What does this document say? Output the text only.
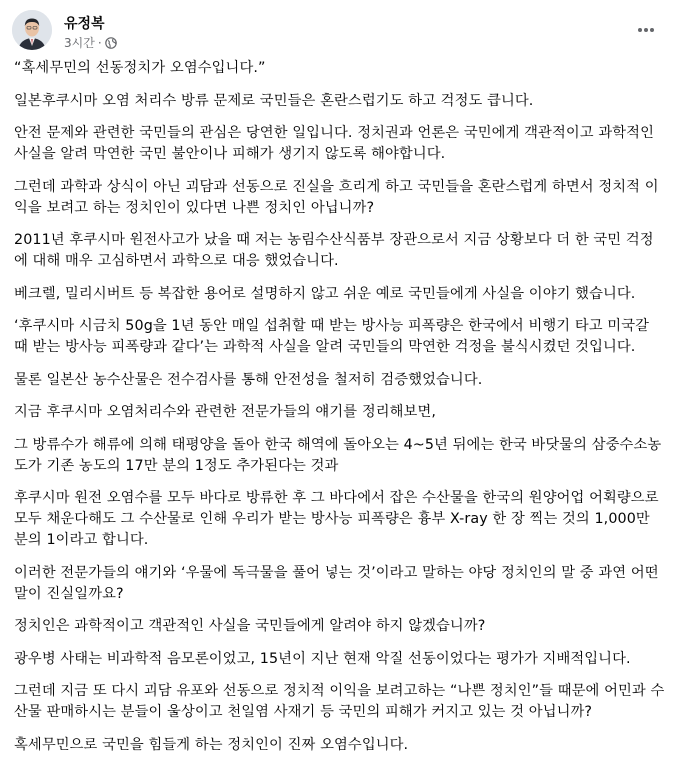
유정복
3시간 ·

“혹세무민의 선동정치가 오염수입니다.”

일본후쿠시마 오염 처리수 방류 문제로 국민들은 혼란스럽기도 하고 걱정도 큽니다.

안전 문제와 관련한 국민들의 관심은 당연한 일입니다. 정치권과 언론은 국민에게 객관적이고 과학적인 사실을 알려 막연한 국민 불안이나 피해가 생기지 않도록 해야합니다.

그런데 과학과 상식이 아닌 괴담과 선동으로 진실을 흐리게 하고 국민들을 혼란스럽게 하면서 정치적 이익을 보려고 하는 정치인이 있다면 나쁜 정치인 아닙니까?

2011년 후쿠시마 원전사고가 났을 때 저는 농림수산식품부 장관으로서 지금 상황보다 더 한 국민 걱정에 대해 매우 고심하면서 과학으로 대응 했었습니다.

베크렐, 밀리시버트 등 복잡한 용어로 설명하지 않고 쉬운 예로 국민들에게 사실을 이야기 했습니다.

‘후쿠시마 시금치 50g을 1년 동안 매일 섭취할 때 받는 방사능 피폭량은 한국에서 비행기 타고 미국갈 때 받는 방사능 피폭량과 같다’는 과학적 사실을 알려 국민들의 막연한 걱정을 불식시켰던 것입니다.

물론 일본산 농수산물은 전수검사를 통해 안전성을 철저히 검증했었습니다.

지금 후쿠시마 오염처리수와 관련한 전문가들의 얘기를 정리해보면,

그 방류수가 해류에 의해 태평양을 돌아 한국 해역에 돌아오는 4~5년 뒤에는 한국 바닷물의 삼중수소농도가 기존 농도의 17만 분의 1정도 추가된다는 것과

후쿠시마 원전 오염수를 모두 바다로 방류한 후 그 바다에서 잡은 수산물을 한국의 원양어업 어획량으로 모두 채운다해도 그 수산물로 인해 우리가 받는 방사능 피폭량은 흉부 X-ray 한 장 찍는 것의 1,000만 분의 1이라고 합니다.

이러한 전문가들의 얘기와 ‘우물에 독극물을 풀어 넣는 것’이라고 말하는 야당 정치인의 말 중 과연 어떤 말이 진실일까요?

정치인은 과학적이고 객관적인 사실을 국민들에게 알려야 하지 않겠습니까?

광우병 사태는 비과학적 음모론이었고, 15년이 지난 현재 악질 선동이었다는 평가가 지배적입니다.

그런데 지금 또 다시 괴담 유포와 선동으로 정치적 이익을 보려고하는 “나쁜 정치인”들 때문에 어민과 수산물 판매하시는 분들이 울상이고 천일염 사재기 등 국민의 피해가 커지고 있는 것 아닙니까?

혹세무민으로 국민을 힘들게 하는 정치인이 진짜 오염수입니다.
